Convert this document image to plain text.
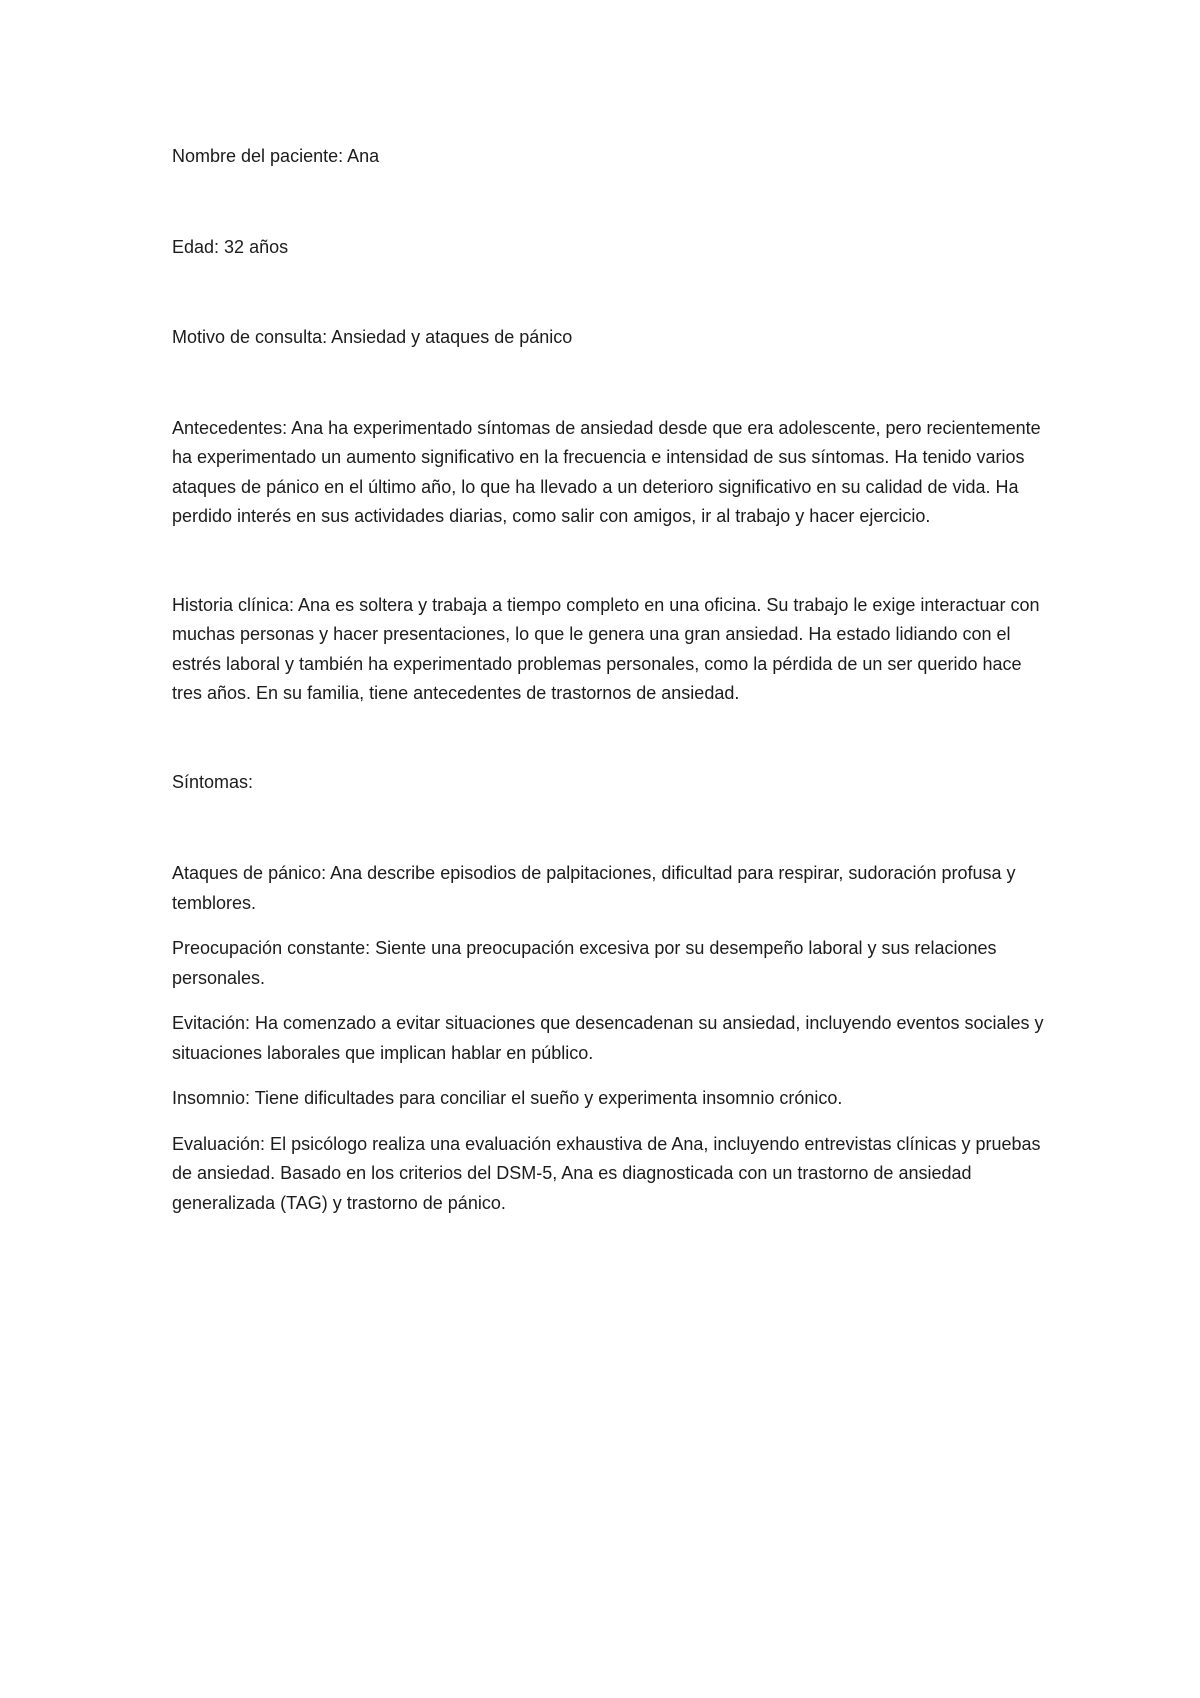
Nombre del paciente: Ana

Edad: 32 años

Motivo de consulta: Ansiedad y ataques de pánico

Antecedentes: Ana ha experimentado síntomas de ansiedad desde que era adolescente, pero recientemente ha experimentado un aumento significativo en la frecuencia e intensidad de sus síntomas. Ha tenido varios ataques de pánico en el último año, lo que ha llevado a un deterioro significativo en su calidad de vida. Ha perdido interés en sus actividades diarias, como salir con amigos, ir al trabajo y hacer ejercicio.

Historia clínica: Ana es soltera y trabaja a tiempo completo en una oficina. Su trabajo le exige interactuar con muchas personas y hacer presentaciones, lo que le genera una gran ansiedad. Ha estado lidiando con el estrés laboral y también ha experimentado problemas personales, como la pérdida de un ser querido hace tres años. En su familia, tiene antecedentes de trastornos de ansiedad.

Síntomas:

Ataques de pánico: Ana describe episodios de palpitaciones, dificultad para respirar, sudoración profusa y temblores.

Preocupación constante: Siente una preocupación excesiva por su desempeño laboral y sus relaciones personales.

Evitación: Ha comenzado a evitar situaciones que desencadenan su ansiedad, incluyendo eventos sociales y situaciones laborales que implican hablar en público.

Insomnio: Tiene dificultades para conciliar el sueño y experimenta insomnio crónico.

Evaluación: El psicólogo realiza una evaluación exhaustiva de Ana, incluyendo entrevistas clínicas y pruebas de ansiedad. Basado en los criterios del DSM-5, Ana es diagnosticada con un trastorno de ansiedad generalizada (TAG) y trastorno de pánico.
